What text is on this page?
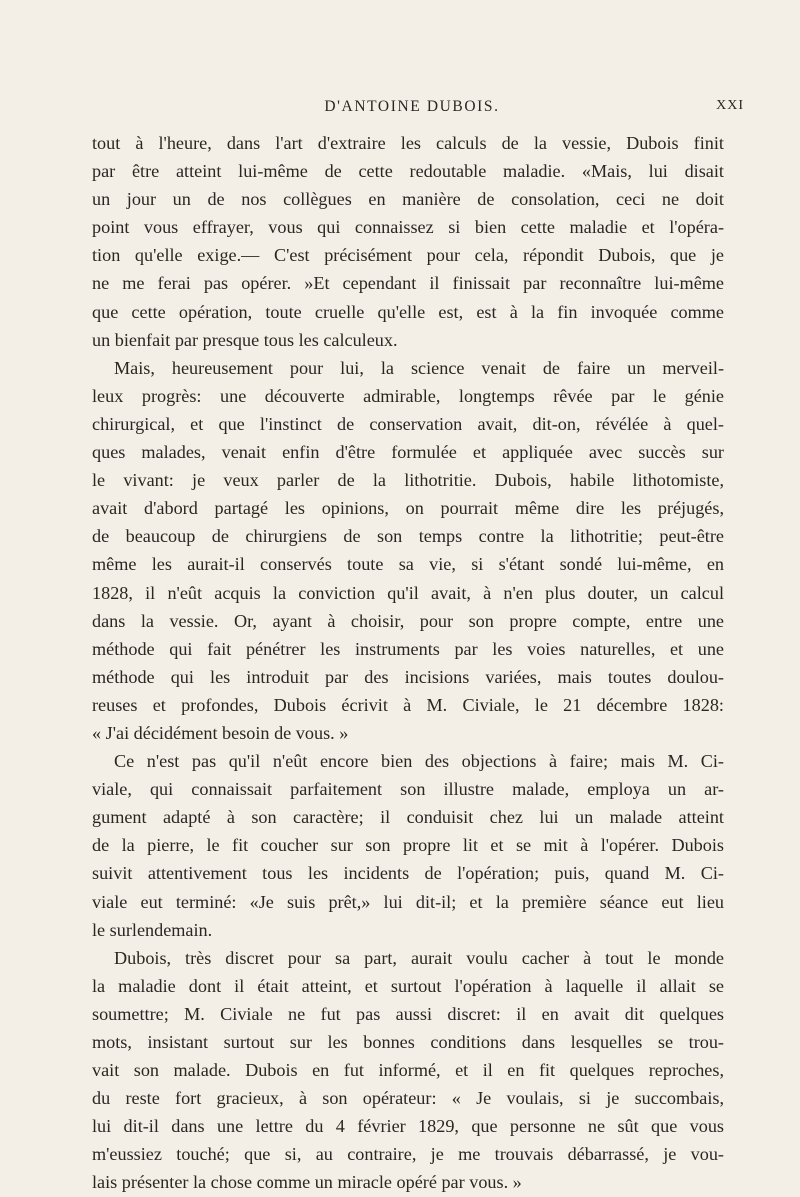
D'ANTOINE DUBOIS.	XXI
tout à l'heure, dans l'art d'extraire les calculs de la vessie, Dubois finit
par être atteint lui-même de cette redoutable maladie. «Mais, lui disait
un jour un de nos collègues en manière de consolation, ceci ne doit
point vous effrayer, vous qui connaissez si bien cette maladie et l'opéra-
tion qu'elle exige.— C'est précisément pour cela, répondit Dubois, que je
ne me ferai pas opérer. »Et cependant il finissait par reconnaître lui-même
que cette opération, toute cruelle qu'elle est, est à la fin invoquée comme
un bienfait par presque tous les calculeux.
Mais, heureusement pour lui, la science venait de faire un merveil-
leux progrès: une découverte admirable, longtemps rêvée par le génie
chirurgical, et que l'instinct de conservation avait, dit-on, révélée à quel-
ques malades, venait enfin d'être formulée et appliquée avec succès sur
le vivant: je veux parler de la lithotritie. Dubois, habile lithotomiste,
avait d'abord partagé les opinions, on pourrait même dire les préjugés,
de beaucoup de chirurgiens de son temps contre la lithotritie; peut-être
même les aurait-il conservés toute sa vie, si s'étant sondé lui-même, en
1828, il n'eût acquis la conviction qu'il avait, à n'en plus douter, un calcul
dans la vessie. Or, ayant à choisir, pour son propre compte, entre une
méthode qui fait pénétrer les instruments par les voies naturelles, et une
méthode qui les introduit par des incisions variées, mais toutes doulou-
reuses et profondes, Dubois écrivit à M. Civiale, le 21 décembre 1828:
« J'ai décidément besoin de vous. »
Ce n'est pas qu'il n'eût encore bien des objections à faire; mais M. Ci-
viale, qui connaissait parfaitement son illustre malade, employa un ar-
gument adapté à son caractère; il conduisit chez lui un malade atteint
de la pierre, le fit coucher sur son propre lit et se mit à l'opérer. Dubois
suivit attentivement tous les incidents de l'opération; puis, quand M. Ci-
viale eut terminé: «Je suis prêt,» lui dit-il; et la première séance eut lieu
le surlendemain.
Dubois, très discret pour sa part, aurait voulu cacher à tout le monde
la maladie dont il était atteint, et surtout l'opération à laquelle il allait se
soumettre; M. Civiale ne fut pas aussi discret: il en avait dit quelques
mots, insistant surtout sur les bonnes conditions dans lesquelles se trou-
vait son malade. Dubois en fut informé, et il en fit quelques reproches,
du reste fort gracieux, à son opérateur: « Je voulais, si je succombais,
lui dit-il dans une lettre du 4 février 1829, que personne ne sût que vous
m'eussiez touché; que si, au contraire, je me trouvais débarrassé, je vou-
lais présenter la chose comme un miracle opéré par vous. »
